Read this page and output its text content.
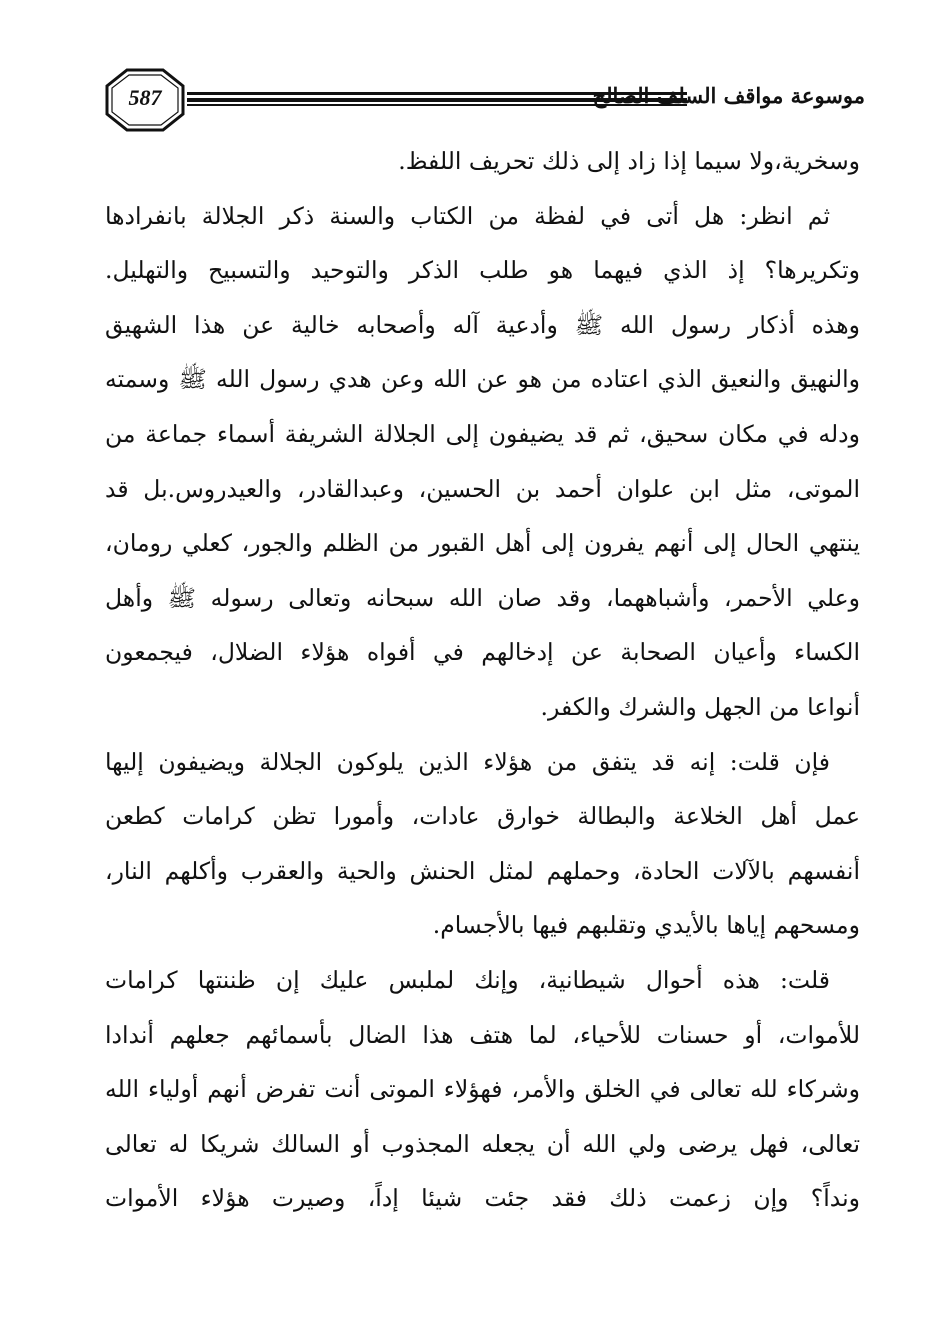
587	موسوعة مواقف السلف الصالح
وسخرية،ولا سيما إذا زاد إلى ذلك تحريف اللفظ.
ثم انظر: هل أتى في لفظة من الكتاب والسنة ذكر الجلالة بانفرادها
وتكريرها؟ إذ الذي فيهما هو طلب الذكر والتوحيد والتسبيح والتهليل.
وهذه أذكار رسول الله ﷺ وأدعية آله وأصحابه خالية عن هذا الشهيق
والنهيق والنعيق الذي اعتاده من هو عن الله وعن هدي رسول الله ﷺ وسمته
ودله في مكان سحيق، ثم قد يضيفون إلى الجلالة الشريفة أسماء جماعة من
الموتى، مثل ابن علوان أحمد بن الحسين، وعبدالقادر، والعيدروس.بل قد
ينتهي الحال إلى أنهم يفرون إلى أهل القبور من الظلم والجور، كعلي رومان،
وعلي الأحمر، وأشباههما، وقد صان الله سبحانه وتعالى رسوله ﷺ وأهل
الكساء وأعيان الصحابة عن إدخالهم في أفواه هؤلاء الضلال، فيجمعون
أنواعا من الجهل والشرك والكفر.
فإن قلت: إنه قد يتفق من هؤلاء الذين يلوكون الجلالة ويضيفون إليها
عمل أهل الخلاعة والبطالة خوارق عادات، وأمورا تظن كرامات كطعن
أنفسهم بالآلات الحادة، وحملهم لمثل الحنش والحية والعقرب وأكلهم النار،
ومسحهم إياها بالأيدي وتقلبهم فيها بالأجسام.
قلت: هذه أحوال شيطانية، وإنك لملبس عليك إن ظننتها كرامات
للأموات، أو حسنات للأحياء، لما هتف هذا الضال بأسمائهم جعلهم أندادا
وشركاء لله تعالى في الخلق والأمر، فهؤلاء الموتى أنت تفرض أنهم أولياء الله
تعالى، فهل يرضى ولي الله أن يجعله المجذوب أو السالك شريكا له تعالى
ونداً؟ وإن زعمت ذلك فقد جئت شيئا إداً، وصيرت هؤلاء الأموات
